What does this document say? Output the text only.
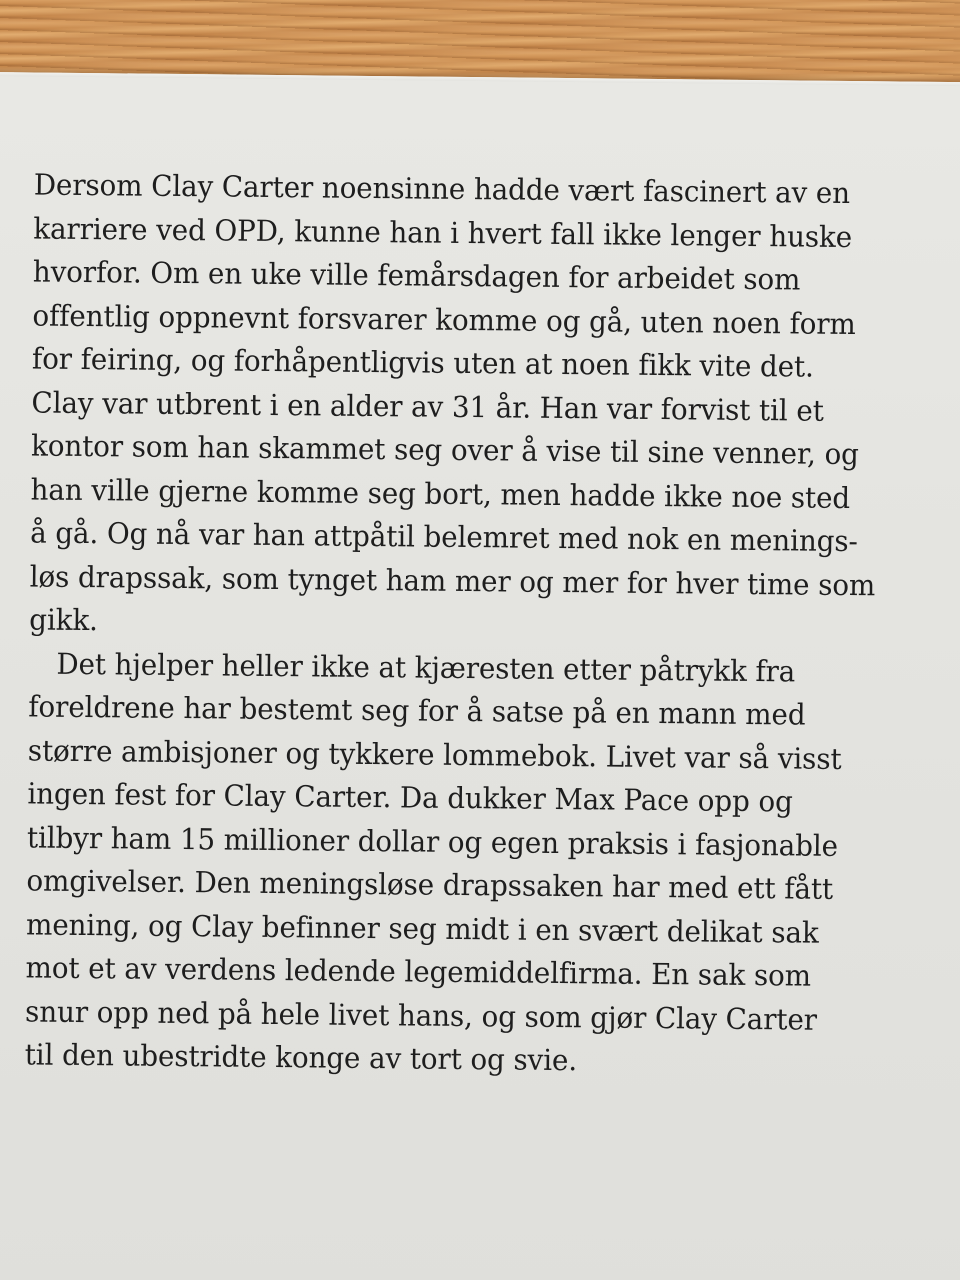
Dersom Clay Carter noensinne hadde vært fascinert av en
karriere ved OPD, kunne han i hvert fall ikke lenger huske
hvorfor. Om en uke ville femårsdagen for arbeidet som
offentlig oppnevnt forsvarer komme og gå, uten noen form
for feiring, og forhåpentligvis uten at noen fikk vite det.
Clay var utbrent i en alder av 31 år. Han var forvist til et
kontor som han skammet seg over å vise til sine venner, og
han ville gjerne komme seg bort, men hadde ikke noe sted
å gå. Og nå var han attpåtil belemret med nok en menings-
løs drapssak, som tynget ham mer og mer for hver time som
gikk.
Det hjelper heller ikke at kjæresten etter påtrykk fra
foreldrene har bestemt seg for å satse på en mann med
større ambisjoner og tykkere lommebok. Livet var så visst
ingen fest for Clay Carter. Da dukker Max Pace opp og
tilbyr ham 15 millioner dollar og egen praksis i fasjonable
omgivelser. Den meningsløse drapssaken har med ett fått
mening, og Clay befinner seg midt i en svært delikat sak
mot et av verdens ledende legemiddelfirma. En sak som
snur opp ned på hele livet hans, og som gjør Clay Carter
til den ubestridte konge av tort og svie.
